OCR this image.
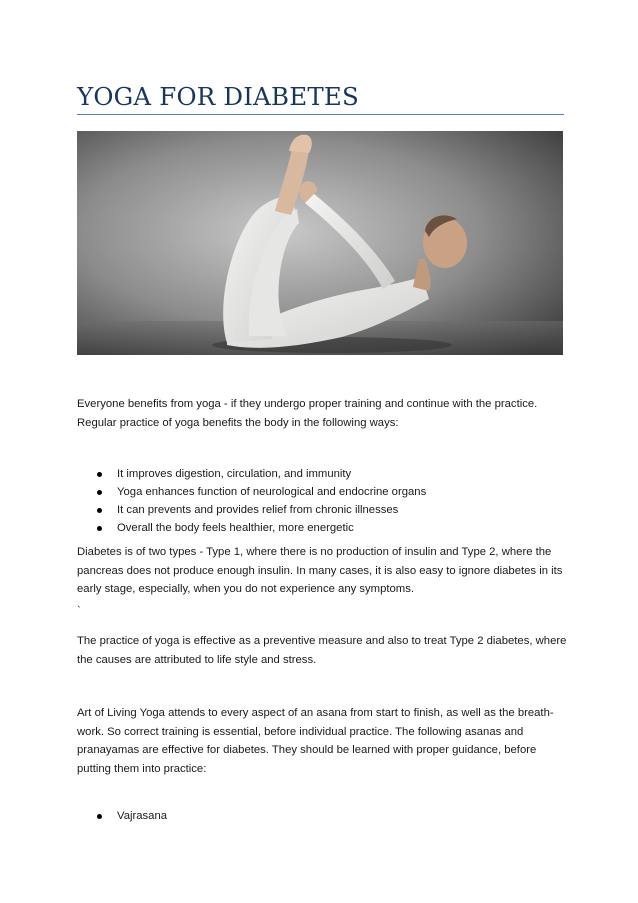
YOGA FOR DIABETES

Everyone benefits from yoga - if they undergo proper training and continue with the practice. Regular practice of yoga benefits the body in the following ways:

It improves digestion, circulation, and immunity
Yoga enhances function of neurological and endocrine organs
It can prevents and provides relief from chronic illnesses
Overall the body feels healthier, more energetic

Diabetes is of two types - Type 1, where there is no production of insulin and Type 2, where the pancreas does not produce enough insulin. In many cases, it is also easy to ignore diabetes in its early stage, especially, when you do not experience any symptoms.

`

The practice of yoga is effective as a preventive measure and also to treat Type 2 diabetes, where the causes are attributed to life style and stress.

Art of Living Yoga attends to every aspect of an asana from start to finish, as well as the breath-work. So correct training is essential, before individual practice. The following asanas and pranayamas are effective for diabetes. They should be learned with proper guidance, before putting them into practice:

Vajrasana
